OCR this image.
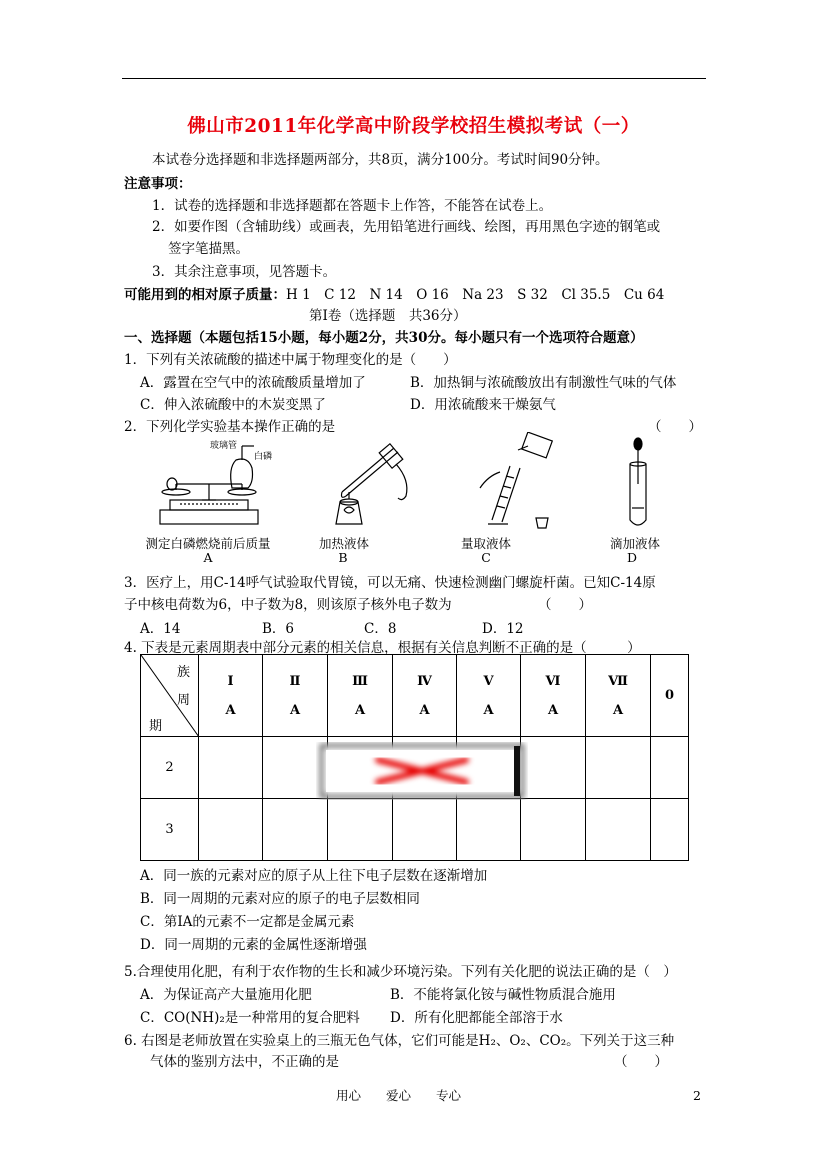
佛山市2011年化学高中阶段学校招生模拟考试（一）
本试卷分选择题和非选择题两部分，共8页，满分100分。考试时间90分钟。
注意事项：
1．试卷的选择题和非选择题都在答题卡上作答，不能答在试卷上。
2．如要作图（含辅助线）或画表，先用铅笔进行画线、绘图，再用黑色字迹的钢笔或
签字笔描黑。
3．其余注意事项，见答题卡。
可能用到的相对原子质量：H 1　C 12　N 14　O 16　Na 23　S 32　Cl 35.5　Cu 64
第Ⅰ卷（选择题　共36分）
一、选择题（本题包括15小题，每小题2分，共30分。每小题只有一个选项符合题意）
1．下列有关浓硫酸的描述中属于物理变化的是（　　）
A．露置在空气中的浓硫酸质量增加了	B．加热铜与浓硫酸放出有制激性气味的气体
C．伸入浓硫酸中的木炭变黑了	D．用浓硫酸来干燥氨气
2．下列化学实验基本操作正确的是	（　　）
玻璃管
白磷
测定白磷燃烧前后质量	加热液体	量取液体	滴加液体
A	B	C	D
3．医疗上，用C-14呼气试验取代胃镜，可以无痛、快速检测幽门螺旋杆菌。已知C-14原
子中核电荷数为6，中子数为8，则该原子核外电子数为	（　　）
A．14	B．6	C．8	D．12
4. 下表是元素周期表中部分元素的相关信息，根据有关信息判断不正确的是（　　　）
族
周
期	Ⅰ
A	Ⅱ
A	Ⅲ
A	Ⅳ
A	Ⅴ
A	Ⅵ
A	Ⅶ
A	0
2								
3								
A．同一族的元素对应的原子从上往下电子层数在逐渐增加
B．同一周期的元素对应的原子的电子层数相同
C．第ⅠA的元素不一定都是金属元素
D．同一周期的元素的金属性逐渐增强
5.合理使用化肥，有利于农作物的生长和减少环境污染。下列有关化肥的说法正确的是（　）
A．为保证高产大量施用化肥	B．不能将氯化铵与碱性物质混合施用
C．CO(NH)₂是一种常用的复合肥料 D．所有化肥都能全部溶于水
6. 右图是老师放置在实验桌上的三瓶无色气体，它们可能是H₂、O₂、CO₂。下列关于这三种
气体的鉴别方法中，不正确的是	（　　）
用心　　爱心　　专心	2
